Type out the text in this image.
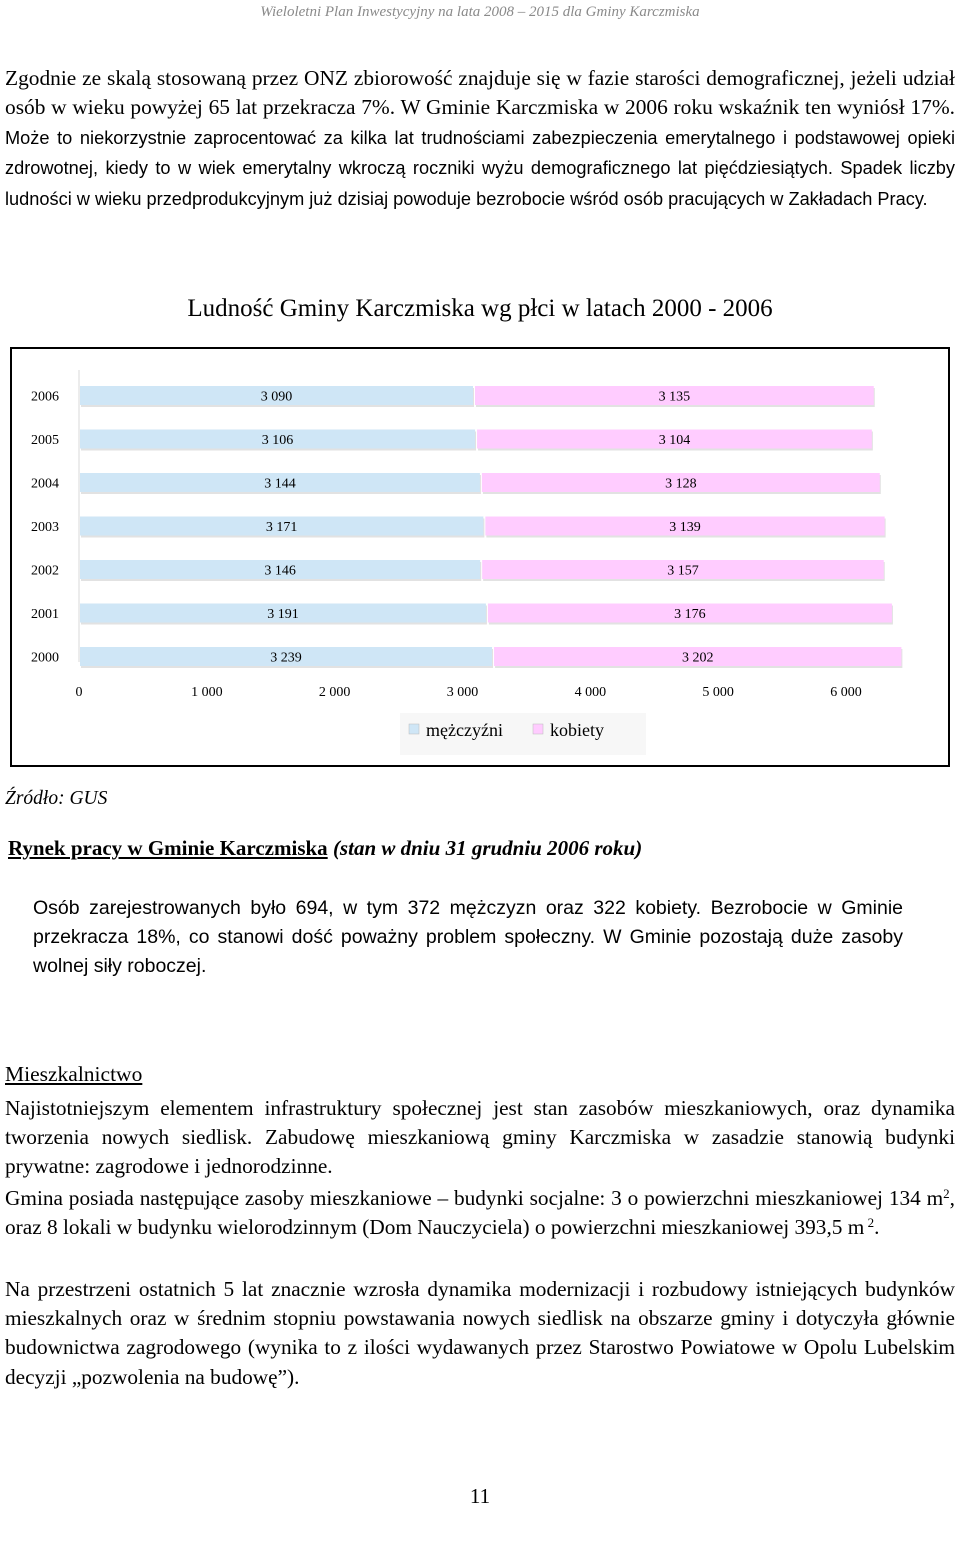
Wieloletni Plan Inwestycyjny na lata 2008 – 2015 dla Gminy Karczmiska
Zgodnie ze skalą stosowaną przez ONZ zbiorowość znajduje się w fazie starości demograficznej, jeżeli udział osób w wieku powyżej 65 lat przekracza 7%. W Gminie Karczmiska w 2006 roku wskaźnik ten wyniósł 17%. Może to niekorzystnie zaprocentować za kilka lat trudnościami zabezpieczenia emerytalnego i podstawowej opieki zdrowotnej, kiedy to w wiek emerytalny wkroczą roczniki wyżu demograficznego lat pięćdziesiątych. Spadek liczby ludności w wieku przedprodukcyjnym już dzisiaj powoduje bezrobocie wśród osób pracujących w Zakładach Pracy.
Ludność Gminy Karczmiska wg płci w latach 2000 - 2006
2006	3 090	3 135
2005	3 106	3 104
2004	3 144	3 128
2003	3 171	3 139
2002	3 146	3 157
2001	3 191	3 176
2000	3 239	3 202
0	1 000	2 000	3 000	4 000	5 000	6 000
mężczyźni	kobiety
Źródło: GUS
Rynek pracy w Gminie Karczmiska (stan w dniu 31 grudniu 2006 roku)
Osób zarejestrowanych było 694, w tym 372 mężczyzn oraz 322 kobiety. Bezrobocie w Gminie przekracza 18%, co stanowi dość poważny problem społeczny. W Gminie pozostają duże zasoby wolnej siły roboczej.
Mieszkalnictwo
Najistotniejszym elementem infrastruktury społecznej jest stan zasobów mieszkaniowych, oraz dynamika tworzenia nowych siedlisk. Zabudowę mieszkaniową gminy Karczmiska w zasadzie stanowią budynki prywatne: zagrodowe i jednorodzinne.
Gmina posiada następujące zasoby mieszkaniowe – budynki socjalne: 3 o powierzchni mieszkaniowej 134 $m^2$, oraz 8 lokali w budynku wielorodzinnym (Dom Nauczyciela) o powierzchni mieszkaniowej 393,5 m $^2$.
Na przestrzeni ostatnich 5 lat znacznie wzrosła dynamika modernizacji i rozbudowy istniejących budynków mieszkalnych oraz w średnim stopniu powstawania nowych siedlisk na obszarze gminy i dotyczyła głównie budownictwa zagrodowego (wynika to z ilości wydawanych przez Starostwo Powiatowe w Opolu Lubelskim decyzji „pozwolenia na budowę”).
11
